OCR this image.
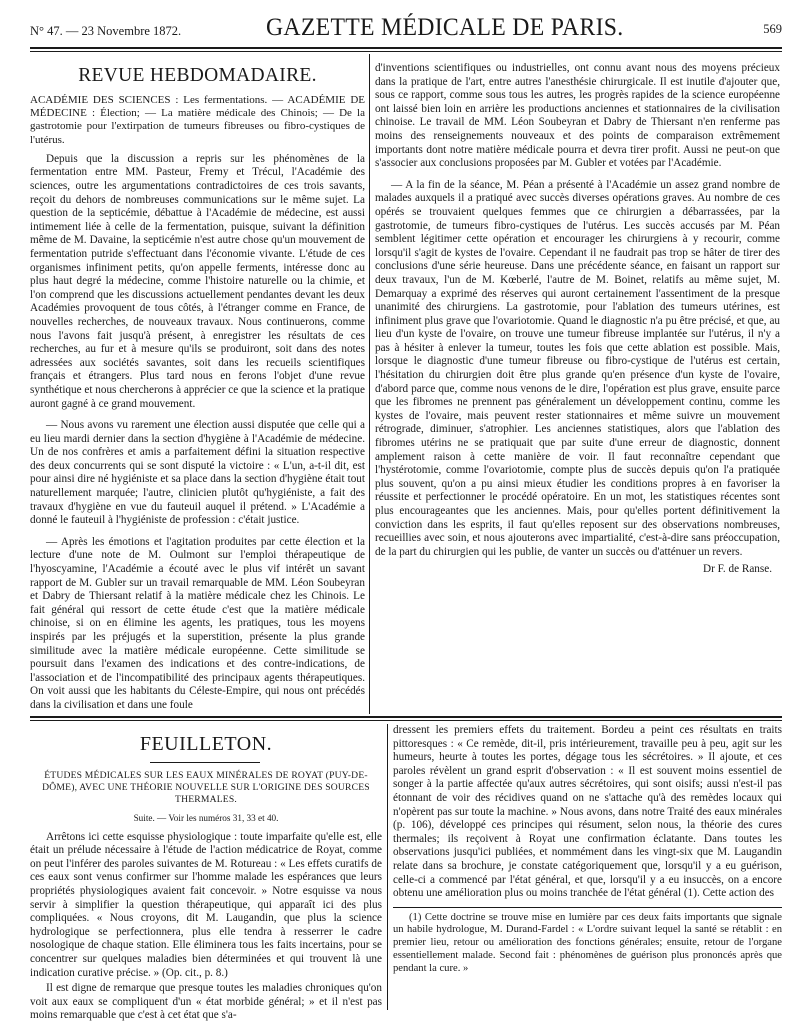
N° 47. — 23 Novembre 1872.	GAZETTE MÉDICALE DE PARIS.	569
REVUE HEBDOMADAIRE.
ACADÉMIE DES SCIENCES : Les fermentations. — ACADÉMIE DE MÉDECINE : Élection; — La matière médicale des Chinois; — De la gastrotomie pour l'extirpation de tumeurs fibreuses ou fibro-cystiques de l'utérus.

Depuis que la discussion a repris sur les phénomènes de la fermentation entre MM. Pasteur, Fremy et Trécul, l'Académie des sciences, outre les argumentations contradictoires de ces trois savants, reçoit du dehors de nombreuses communications sur le même sujet. La question de la septicémie, débattue à l'Académie de médecine, est aussi intimement liée à celle de la fermentation, puisque, suivant la définition même de M. Davaine, la septicémie n'est autre chose qu'un mouvement de fermentation putride s'effectuant dans l'économie vivante. L'étude de ces organismes infiniment petits, qu'on appelle ferments, intéresse donc au plus haut degré la médecine, comme l'histoire naturelle ou la chimie, et l'on comprend que les discussions actuellement pendantes devant les deux Académies provoquent de tous côtés, à l'étranger comme en France, de nouvelles recherches, de nouveaux travaux. Nous continuerons, comme nous l'avons fait jusqu'à présent, à enregistrer les résultats de ces recherches, au fur et à mesure qu'ils se produiront, soit dans des notes adressées aux sociétés savantes, soit dans les recueils scientifiques français et étrangers. Plus tard nous en ferons l'objet d'une revue synthétique et nous chercherons à apprécier ce que la science et la pratique auront gagné à ce grand mouvement.

— Nous avons vu rarement une élection aussi disputée que celle qui a eu lieu mardi dernier dans la section d'hygiène à l'Académie de médecine. Un de nos confrères et amis a parfaitement défini la situation respective des deux concurrents qui se sont disputé la victoire : « L'un, a-t-il dit, est pour ainsi dire né hygiéniste et sa place dans la section d'hygiène était tout naturellement marquée; l'autre, clinicien plutôt qu'hygiéniste, a fait des travaux d'hygiène en vue du fauteuil auquel il prétend. » L'Académie a donné le fauteuil à l'hygiéniste de profession : c'était justice.

— Après les émotions et l'agitation produites par cette élection et la lecture d'une note de M. Oulmont sur l'emploi thérapeutique de l'hyoscyamine, l'Académie a écouté avec le plus vif intérêt un savant rapport de M. Gubler sur un travail remarquable de MM. Léon Soubeyran et Dabry de Thiersant relatif à la matière médicale chez les Chinois. Le fait général qui ressort de cette étude c'est que la matière médicale chinoise, si on en élimine les agents, les pratiques, tous les moyens inspirés par les préjugés et la superstition, présente la plus grande similitude avec la matière médicale européenne. Cette similitude se poursuit dans l'examen des indications et des contre-indications, de l'association et de l'incompatibilité des principaux agents thérapeutiques. On voit aussi que les habitants du Céleste-Empire, qui nous ont précédés dans la civilisation et dans une foule

d'inventions scientifiques ou industrielles, ont connu avant nous des moyens précieux dans la pratique de l'art, entre autres l'anesthésie chirurgicale. Il est inutile d'ajouter que, sous ce rapport, comme sous tous les autres, les progrès rapides de la science européenne ont laissé bien loin en arrière les productions anciennes et stationnaires de la civilisation chinoise. Le travail de MM. Léon Soubeyran et Dabry de Thiersant n'en renferme pas moins des renseignements nouveaux et des points de comparaison extrêmement importants dont notre matière médicale pourra et devra tirer profit. Aussi ne peut-on que s'associer aux conclusions proposées par M. Gubler et votées par l'Académie.

— A la fin de la séance, M. Péan a présenté à l'Académie un assez grand nombre de malades auxquels il a pratiqué avec succès diverses opérations graves. Au nombre de ces opérés se trouvaient quelques femmes que ce chirurgien a débarrassées, par la gastrotomie, de tumeurs fibro-cystiques de l'utérus. Les succès accusés par M. Péan semblent légitimer cette opération et encourager les chirurgiens à y recourir, comme lorsqu'il s'agit de kystes de l'ovaire. Cependant il ne faudrait pas trop se hâter de tirer des conclusions d'une série heureuse. Dans une précédente séance, en faisant un rapport sur deux travaux, l'un de M. Kœberlé, l'autre de M. Boinet, relatifs au même sujet, M. Demarquay a exprimé des réserves qui auront certainement l'assentiment de la presque unanimité des chirurgiens. La gastrotomie, pour l'ablation des tumeurs utérines, est infiniment plus grave que l'ovariotomie. Quand le diagnostic n'a pu être précisé, et que, au lieu d'un kyste de l'ovaire, on trouve une tumeur fibreuse implantée sur l'utérus, il n'y a pas à hésiter à enlever la tumeur, toutes les fois que cette ablation est possible. Mais, lorsque le diagnostic d'une tumeur fibreuse ou fibro-cystique de l'utérus est certain, l'hésitation du chirurgien doit être plus grande qu'en présence d'un kyste de l'ovaire, d'abord parce que, comme nous venons de le dire, l'opération est plus grave, ensuite parce que les fibromes ne prennent pas généralement un développement continu, comme les kystes de l'ovaire, mais peuvent rester stationnaires et même suivre un mouvement rétrograde, diminuer, s'atrophier. Les anciennes statistiques, alors que l'ablation des fibromes utérins ne se pratiquait que par suite d'une erreur de diagnostic, donnent amplement raison à cette manière de voir. Il faut reconnaître cependant que l'hystérotomie, comme l'ovariotomie, compte plus de succès depuis qu'on l'a pratiquée plus souvent, qu'on a pu ainsi mieux étudier les conditions propres à en favoriser la réussite et perfectionner le procédé opératoire. En un mot, les statistiques récentes sont plus encourageantes que les anciennes. Mais, pour qu'elles portent définitivement la conviction dans les esprits, il faut qu'elles reposent sur des observations nombreuses, recueillies avec soin, et nous ajouterons avec impartialité, c'est-à-dire sans préoccupation, de la part du chirurgien qui les publie, de vanter un succès ou d'atténuer un revers.

Dr F. de Ranse.
FEUILLETON.
ÉTUDES MÉDICALES SUR LES EAUX MINÉRALES DE ROYAT (PUY-DE-DÔME), AVEC UNE THÉORIE NOUVELLE SUR L'ORIGINE DES SOURCES THERMALES.
Suite. — Voir les numéros 31, 33 et 40.

Arrêtons ici cette esquisse physiologique : toute imparfaite qu'elle est, elle était un prélude nécessaire à l'étude de l'action médicatrice de Royat, comme on peut l'inférer des paroles suivantes de M. Rotureau : « Les effets curatifs de ces eaux sont venus confirmer sur l'homme malade les espérances que leurs propriétés physiologiques avaient fait concevoir. » Notre esquisse va nous servir à simplifier la question thérapeutique, qui apparaît ici des plus compliquées. « Nous croyons, dit M. Laugandin, que plus la science hydrologique se perfectionnera, plus elle tendra à resserrer le cadre nosologique de chaque station. Elle éliminera tous les faits incertains, pour se concentrer sur quelques maladies bien déterminées et qui trouvent là une indication curative précise. » (Op. cit., p. 8.)

Il est digne de remarque que presque toutes les maladies chroniques qu'on voit aux eaux se compliquent d'un « état morbide général; » et il n'est pas moins remarquable que c'est à cet état que s'a-

dressent les premiers effets du traitement. Bordeu a peint ces résultats en traits pittoresques : « Ce remède, dit-il, pris intérieurement, travaille peu à peu, agit sur les humeurs, heurte à toutes les portes, dégage tous les sécrétoires. » Il ajoute, et ces paroles révèlent un grand esprit d'observation : « Il est souvent moins essentiel de songer à la partie affectée qu'aux autres sécrétoires, qui sont oisifs; aussi n'est-il pas étonnant de voir des récidives quand on ne s'attache qu'à des remèdes locaux qui n'opèrent pas sur toute la machine. » Nous avons, dans notre Traité des eaux minérales (p. 106), développé ces principes qui résument, selon nous, la théorie des cures thermales; ils reçoivent à Royat une confirmation éclatante. Dans toutes les observations jusqu'ici publiées, et nommément dans les vingt-six que M. Laugandin relate dans sa brochure, je constate catégoriquement que, lorsqu'il y a eu guérison, celle-ci a commencé par l'état général, et que, lorsqu'il y a eu insuccès, on a encore obtenu une amélioration plus ou moins tranchée de l'état général (1). Cette action des

(1) Cette doctrine se trouve mise en lumière par ces deux faits importants que signale un habile hydrologue, M. Durand-Fardel : « L'ordre suivant lequel la santé se rétablit : en premier lieu, retour ou amélioration des fonctions générales; ensuite, retour de l'organe essentiellement malade. Second fait : phénomènes de guérison plus prononcés après que pendant la cure. »
